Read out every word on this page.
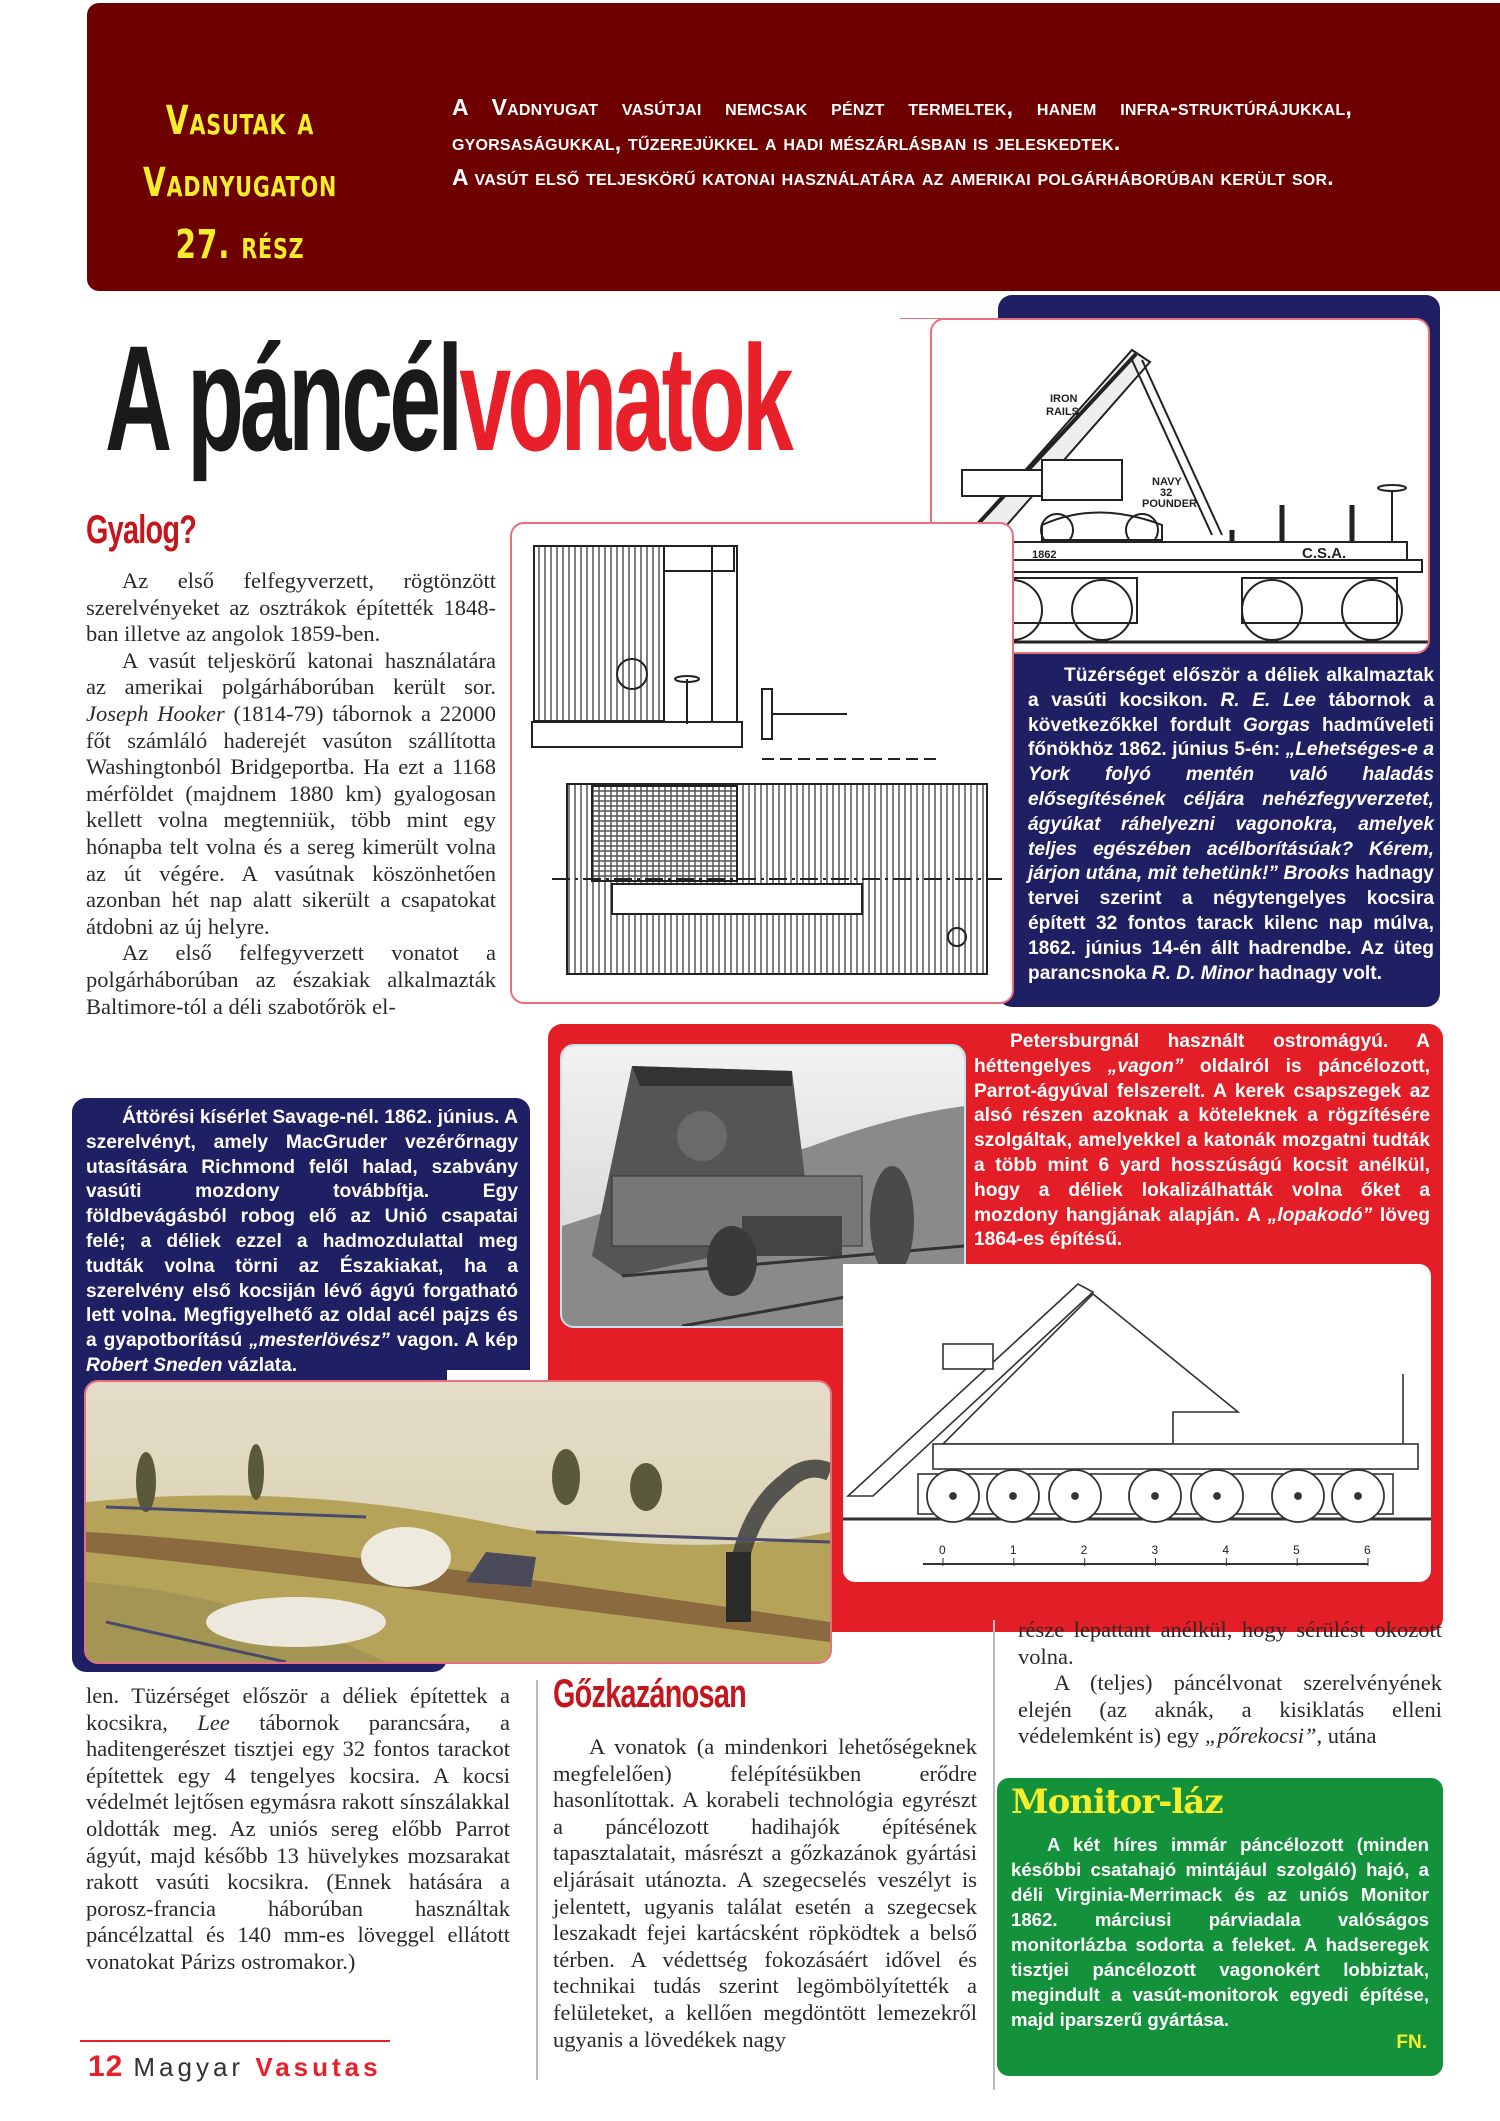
Vasutak a
Vadnyugaton
27. rész

A Vadnyugat vasútjai nemcsak pénzt termeltek, hanem infra-struktúrájukkal, gyorsaságukkal, tűzerejükkel a hadi mészárlásban is jeleskedtek.

A vasút első teljeskörű katonai használatára az amerikai polgárháborúban került sor.

A páncélvonatok	IRON
RAILS
NAVY
32
POUNDER
1862	C.S.A.

Tüzérséget először a déliek alkalmaztak a vasúti kocsikon. R. E. Lee tábornok a következőkkel fordult Gorgas hadműveleti főnökhöz 1862. június 5-én: „Lehetséges-e a York folyó mentén való haladás elősegítésének céljára nehézfegyverzetet, ágyúkat ráhelyezni vagonokra, amelyek teljes egészében acélborításúak? Kérem, járjon utána, mit tehetünk!” Brooks hadnagy tervei szerint a négytengelyes kocsira épített 32 fontos tarack kilenc nap múlva, 1862. június 14-én állt hadrendbe. Az üteg parancsnoka R. D. Minor hadnagy volt.

Gyalog?

Az első felfegyverzett, rögtönzött szerelvényeket az osztrákok építették 1848-ban illetve az angolok 1859-ben.

A vasút teljeskörű katonai használatára az amerikai polgárháborúban került sor. Joseph Hooker (1814-79) tábornok a 22000 főt számláló haderejét vasúton szállította Washingtonból Bridgeportba. Ha ezt a 1168 mérföldet (majdnem 1880 km) gyalogosan kellett volna megtenniük, több mint egy hónapba telt volna és a sereg kimerült volna az út végére. A vasútnak köszönhetően azonban hét nap alatt sikerült a csapatokat átdobni az új helyre.

Az első felfegyverzett vonatot a polgárháborúban az északiak alkalmazták Baltimore-tól a déli szabotőrök el-

Áttörési kísérlet Savage-nél. 1862. június. A szerelvényt, amely MacGruder vezérőrnagy utasítására Richmond felől halad, szabvány vasúti mozdony továbbítja. Egy földbevágásból robog elő az Unió csapatai felé; a déliek ezzel a hadmozdulattal meg tudták volna törni az Északiakat, ha a szerelvény első kocsiján lévő ágyú forgatható lett volna. Megfigyelhető az oldal acél pajzs és a gyapotborítású „mesterlövész” vagon. A kép Robert Sneden vázlata.

Petersburgnál használt ostromágyú. A héttengelyes „vagon” oldalról is páncélozott, Parrot-ágyúval felszerelt. A kerek csapszegek az alsó részen azoknak a köteleknek a rögzítésére szolgáltak, amelyekkel a katonák mozgatni tudták a több mint 6 yard hosszúságú kocsit anélkül, hogy a déliek lokalizálhatták volna őket a mozdony hangjának alapján. A „lopakodó” löveg 1864-es építésű.

0	1	2	3	4	5	6

len. Tüzérséget először a déliek építettek a kocsikra, Lee tábornok parancsára, a haditengerészet tisztjei egy 32 fontos tarackot építettek egy 4 tengelyes kocsira. A kocsi védelmét lejtősen egymásra rakott sínszálakkal oldották meg. Az uniós sereg előbb Parrot ágyút, majd később 13 hüvelykes mozsarakat rakott vasúti kocsikra. (Ennek hatására a porosz-francia háborúban használtak páncélzattal és 140 mm-es löveggel ellátott vonatokat Párizs ostromakor.)

Gőzkazánosan

A vonatok (a mindenkori lehetőségeknek megfelelően) felépítésükben erődre hasonlítottak. A korabeli technológia egyrészt a páncélozott hadihajók építésének tapasztalatait, másrészt a gőzkazánok gyártási eljárásait utánozta. A szegecselés veszélyt is jelentett, ugyanis találat esetén a szegecsek leszakadt fejei kartácsként röpködtek a belső térben. A védettség fokozásáért idővel és technikai tudás szerint legömbölyítették a felületeket, a kellően megdöntött lemezekről ugyanis a lövedékek nagy

része lepattant anélkül, hogy sérülést okozott volna.

A (teljes) páncélvonat szerelvényének elején (az aknák, a kisiklatás elleni védelemként is) egy „pőrekocsi”, utána

Monitor-láz

A két híres immár páncélozott (minden későbbi csatahajó mintájául szolgáló) hajó, a déli Virginia-Merrimack és az uniós Monitor 1862. márciusi párviadala valóságos monitorlázba sodorta a feleket. A hadseregek tisztjei páncélozott vagonokért lobbiztak, megindult a vasút-monitorok egyedi építése, majd iparszerű gyártása.

FN.
12 Magyar Vasutas
